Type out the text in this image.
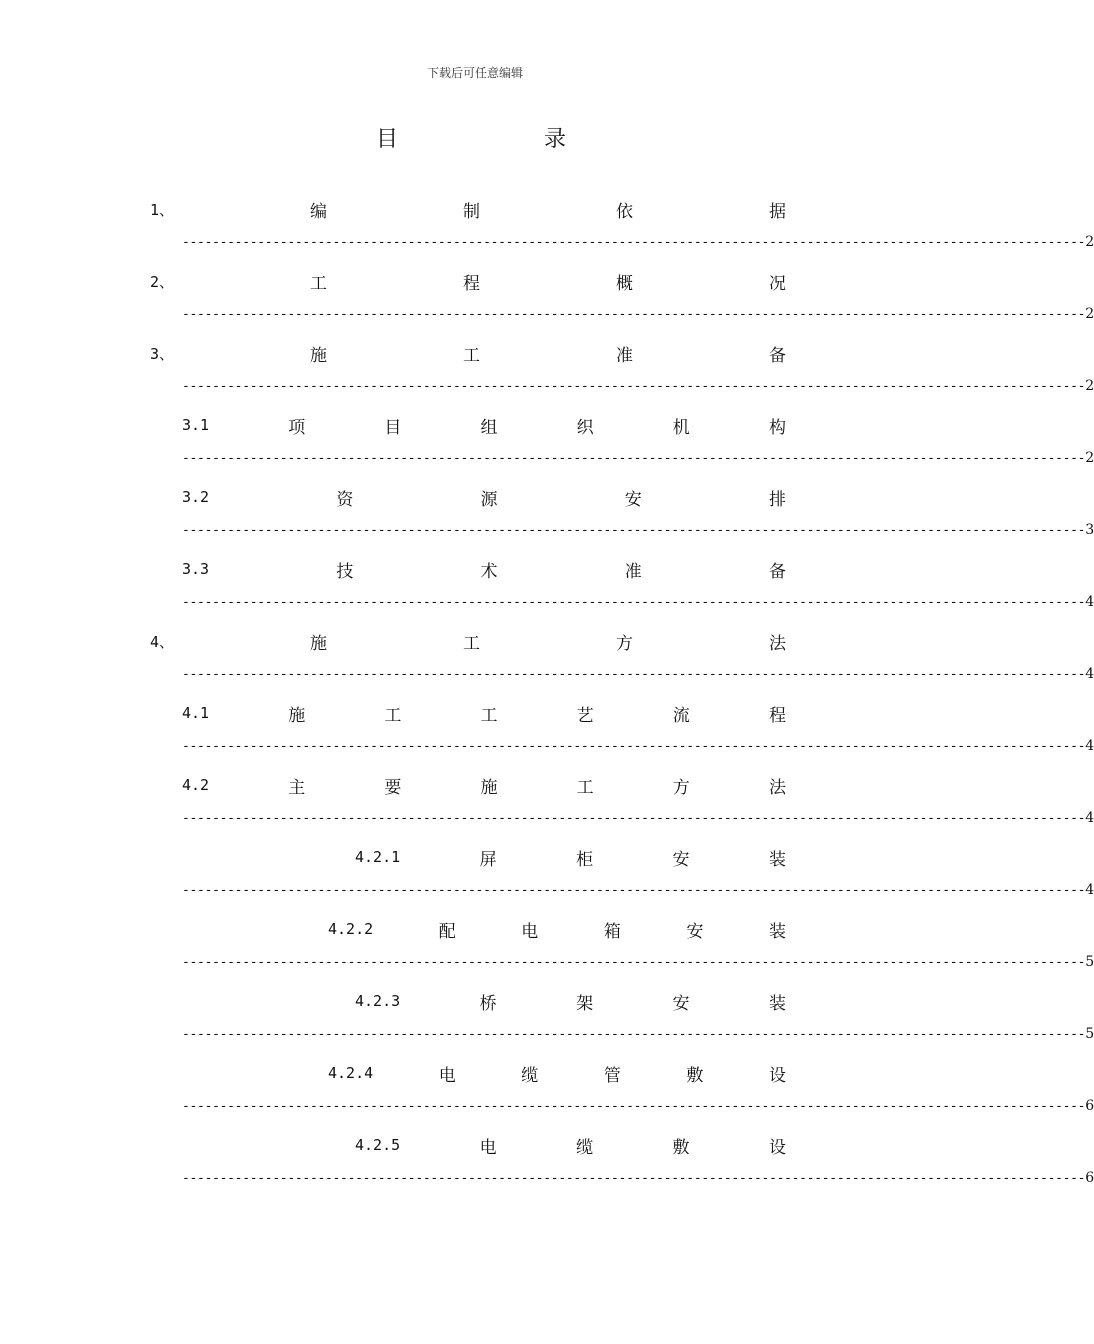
下载后可任意编辑
目	录
1、	编	制	依	据
------------------------------------------------------------------------------------------------------------------------ 2
2、	工	程	概	况
------------------------------------------------------------------------------------------------------------------------ 2
3、	施	工	准	备
------------------------------------------------------------------------------------------------------------------------ 2
3.1	项	目	组	织	机	构
------------------------------------------------------------------------------------------------------------------------ 2
3.2	资	源	安	排
------------------------------------------------------------------------------------------------------------------------ 3
3.3	技	术	准	备
------------------------------------------------------------------------------------------------------------------------ 4
4、	施	工	方	法
------------------------------------------------------------------------------------------------------------------------ 4
4.1	施	工	工	艺	流	程
------------------------------------------------------------------------------------------------------------------------ 4
4.2	主	要	施	工	方	法
------------------------------------------------------------------------------------------------------------------------ 4
4.2.1	屏	柜	安	装
------------------------------------------------------------------------------------------------------------------------ 4
4.2.2	配	电	箱	安	装
------------------------------------------------------------------------------------------------------------------------ 5
4.2.3	桥	架	安	装
------------------------------------------------------------------------------------------------------------------------ 5
4.2.4	电	缆	管	敷	设
------------------------------------------------------------------------------------------------------------------------ 6
4.2.5	电	缆	敷	设
------------------------------------------------------------------------------------------------------------------------ 6
